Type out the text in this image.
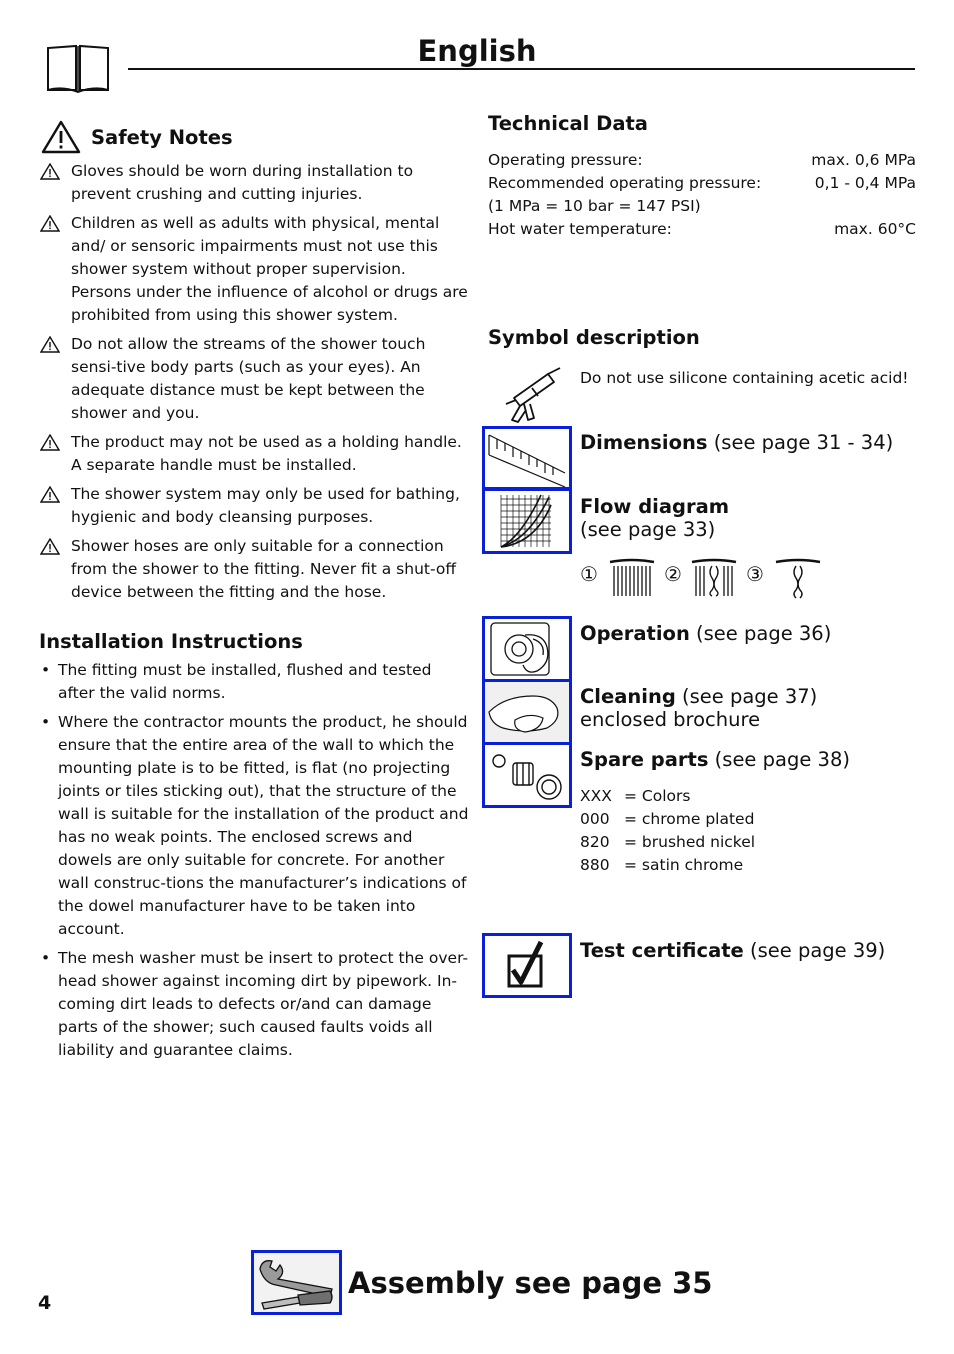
English
Safety Notes
Gloves should be worn during installation to prevent crushing and cutting injuries.
Children as well as adults with physical, mental and/ or sensoric impairments must not use this shower system without proper supervision. Persons under the influence of alcohol or drugs are prohibited from using this shower system.
Do not allow the streams of the shower touch sensi-tive body parts (such as your eyes). An adequate distance must be kept between the shower and you.
The product may not be used as a holding handle. A separate handle must be installed.
The shower system may only be used for bathing, hygienic and body cleansing purposes.
Shower hoses are only suitable for a connection from the shower to the fitting. Never fit a shut-off device between the fitting and the hose.
Installation Instructions
• The fitting must be installed, flushed and tested after the valid norms.
• Where the contractor mounts the product, he should ensure that the entire area of the wall to which the mounting plate is to be fitted, is flat (no projecting joints or tiles sticking out), that the structure of the wall is suitable for the installation of the product and has no weak points. The enclosed screws and dowels are only suitable for concrete. For another wall construc-tions the manufacturer’s indications of the dowel manufacturer have to be taken into account.
• The mesh washer must be insert to protect the over-head shower against incoming dirt by pipework. In-coming dirt leads to defects or/and can damage parts of the shower; such caused faults voids all liability and guarantee claims.
Technical Data
Operating pressure:	max. 0,6 MPa
Recommended operating pressure:	0,1 - 0,4 MPa
(1 MPa = 10 bar = 147 PSI)
Hot water temperature:	max. 60°C
Symbol description
Do not use silicone containing acetic acid!
Dimensions (see page 31 - 34)
Flow diagram
(see page 33)
①	②	③
Operation (see page 36)
Cleaning (see page 37) enclosed brochure
Spare parts (see page 38)
XXX = Colors
000 = chrome plated
820 = brushed nickel
880 = satin chrome
Test certificate (see page 39)
4
Assembly see page 35
